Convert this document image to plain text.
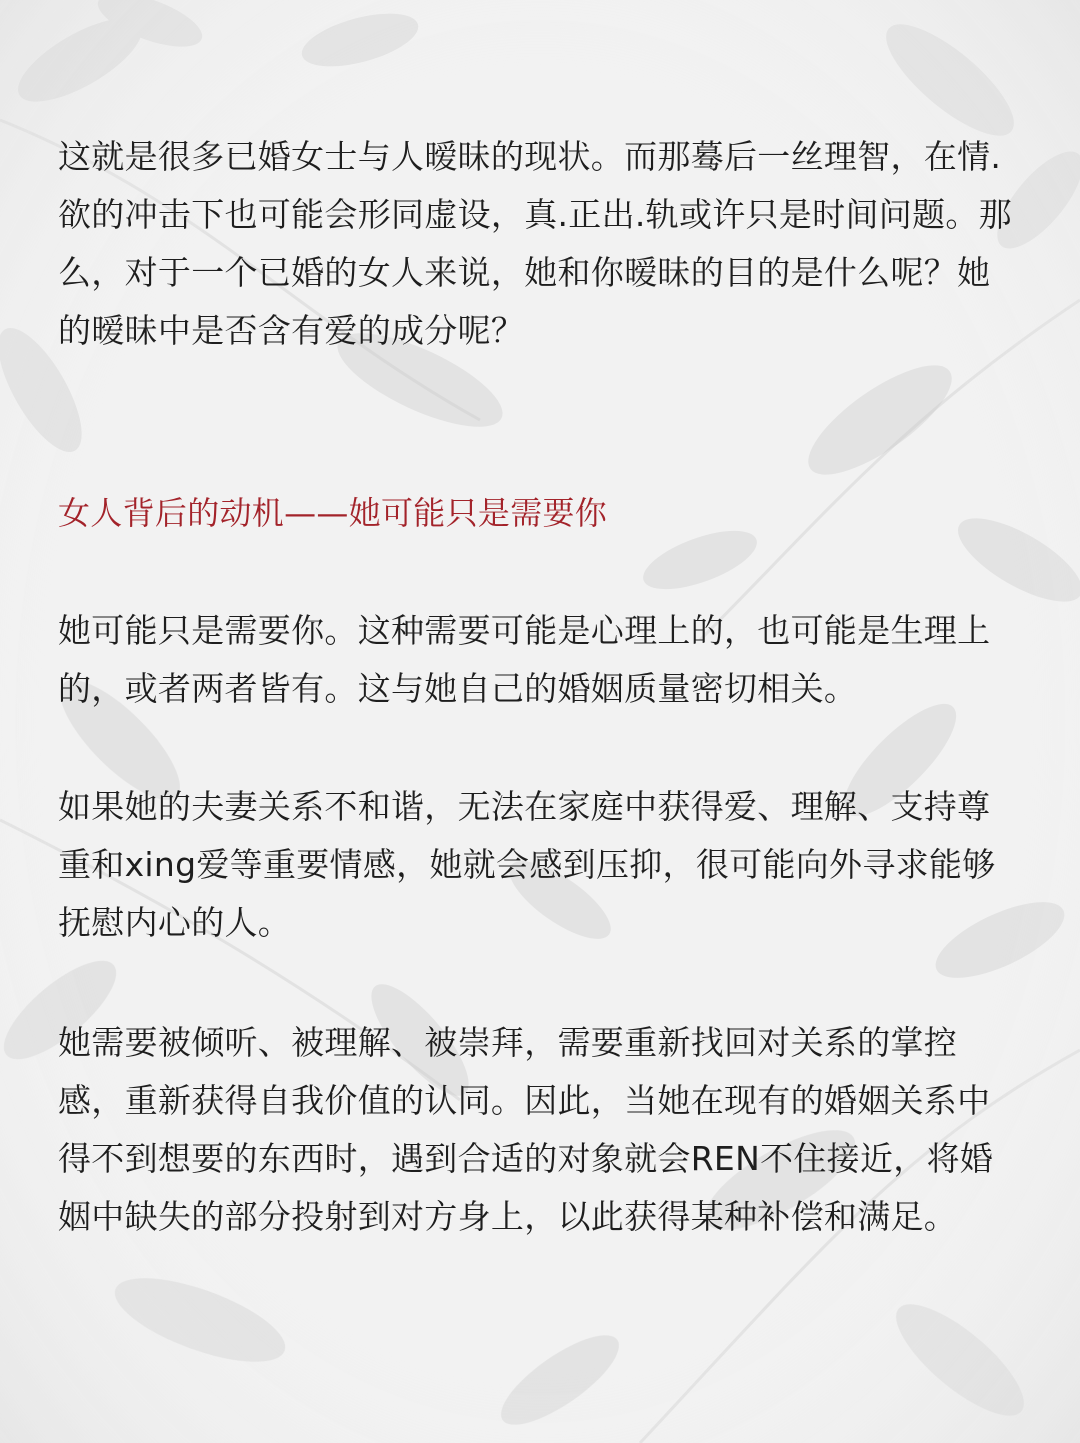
这就是很多已婚女士与人暧昧的现状。而那蓦后一丝理智，在情.欲的冲击下也可能会形同虚设，真.正出.轨或许只是时间问题。那么，对于一个已婚的女人来说，她和你暧昧的目的是什么呢？她的暧昧中是否含有爱的成分呢？

女人背后的动机——她可能只是需要你

她可能只是需要你。这种需要可能是心理上的，也可能是生理上的，或者两者皆有。这与她自己的婚姻质量密切相关。

如果她的夫妻关系不和谐，无法在家庭中获得爱、理解、支持尊重和xing爱等重要情感，她就会感到压抑，很可能向外寻求能够抚慰内心的人。

她需要被倾听、被理解、被崇拜，需要重新找回对关系的掌控感，重新获得自我价值的认同。因此，当她在现有的婚姻关系中得不到想要的东西时，遇到合适的对象就会REN不住接近，将婚姻中缺失的部分投射到对方身上，以此获得某种补偿和满足。
